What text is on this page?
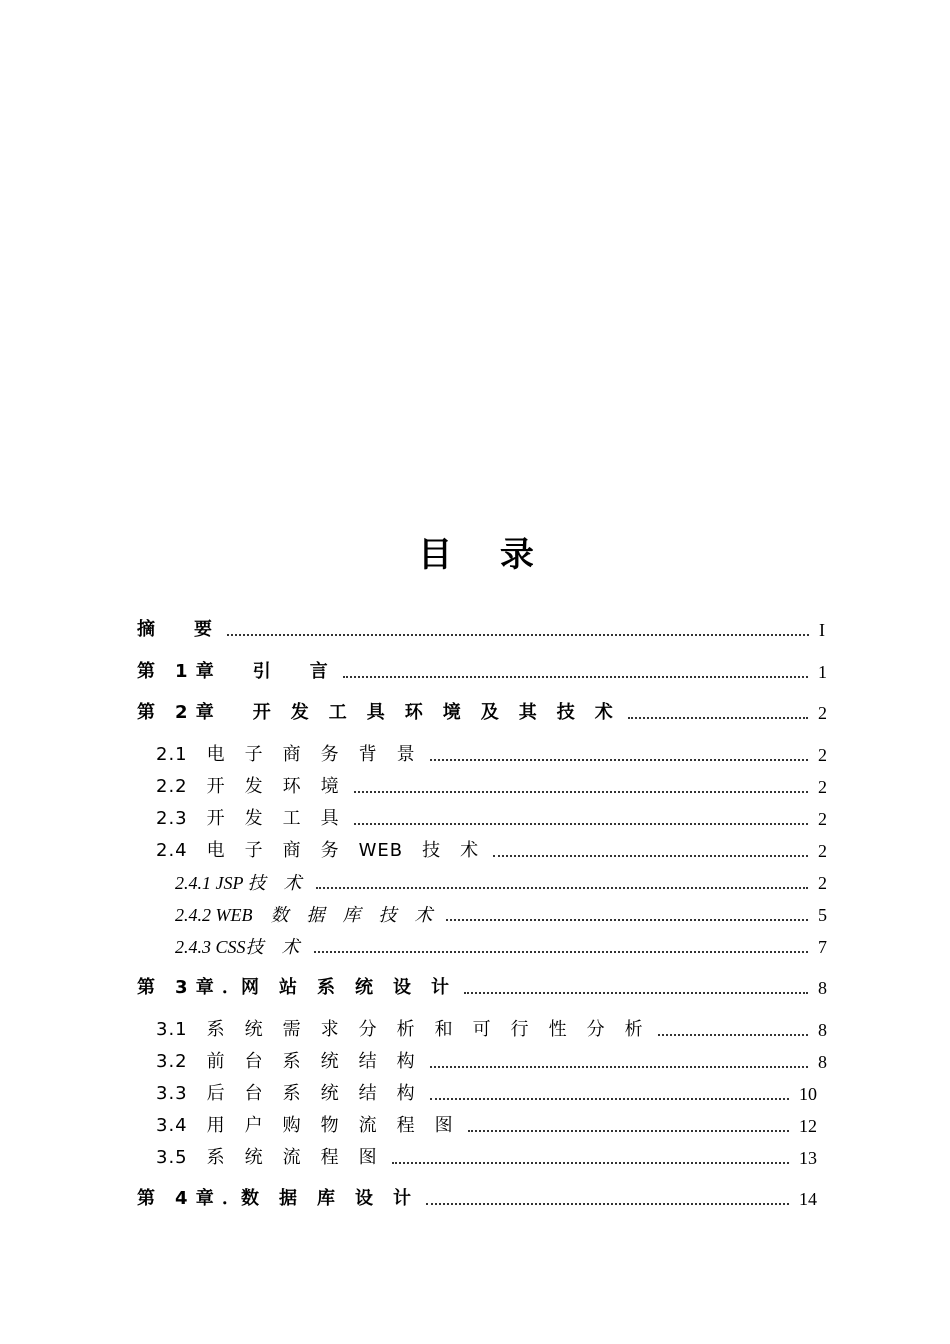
目 录
摘　　要	I
第　1 章　　引　　言	1
第　2 章　　开　发　工　具　环　境　及　其　技　术	2
2.1　电　子　商　务　背　景	2
2.2　开　发　环　境	2
2.3　开　发　工　具	2
2.4　电　子　商　务　WEB　技　术	2
2.4.1 JSP 技　术	2
2.4.2 WEB　数　据　库　技　术	5
2.4.3 CSS技　术	7
第　3 章 ．网　站　系　统　设　计	8
3.1　系　统　需　求　分　析　和　可　行　性　分　析	8
3.2　前　台　系　统　结　构	8
3.3　后　台　系　统　结　构	10
3.4　用　户　购　物　流　程　图	12
3.5　系　统　流　程　图	13
第　4 章 ．数　据　库　设　计	14
